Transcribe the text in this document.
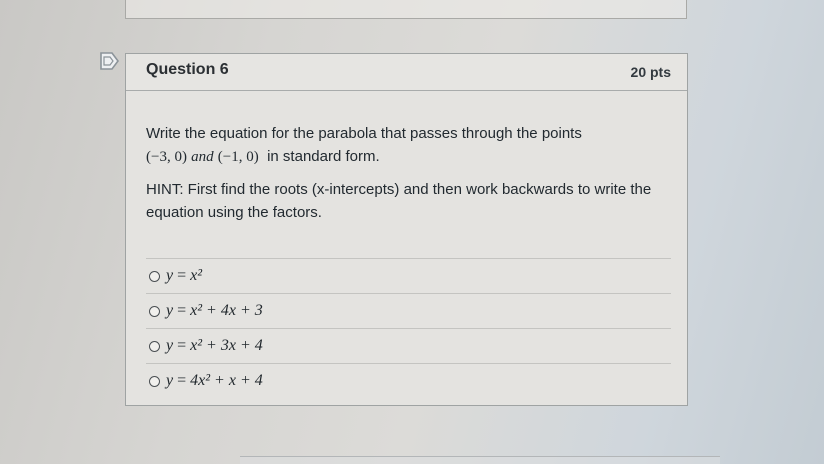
Question 6	20 pts

Write the equation for the parabola that passes through the points
(−3, 0) and (−1, 0) in standard form.

HINT: First find the roots (x-intercepts) and then work backwards to write the equation using the factors.

y = x²
y = x² + 4x + 3
y = x² + 3x + 4
y = 4x² + x + 4
